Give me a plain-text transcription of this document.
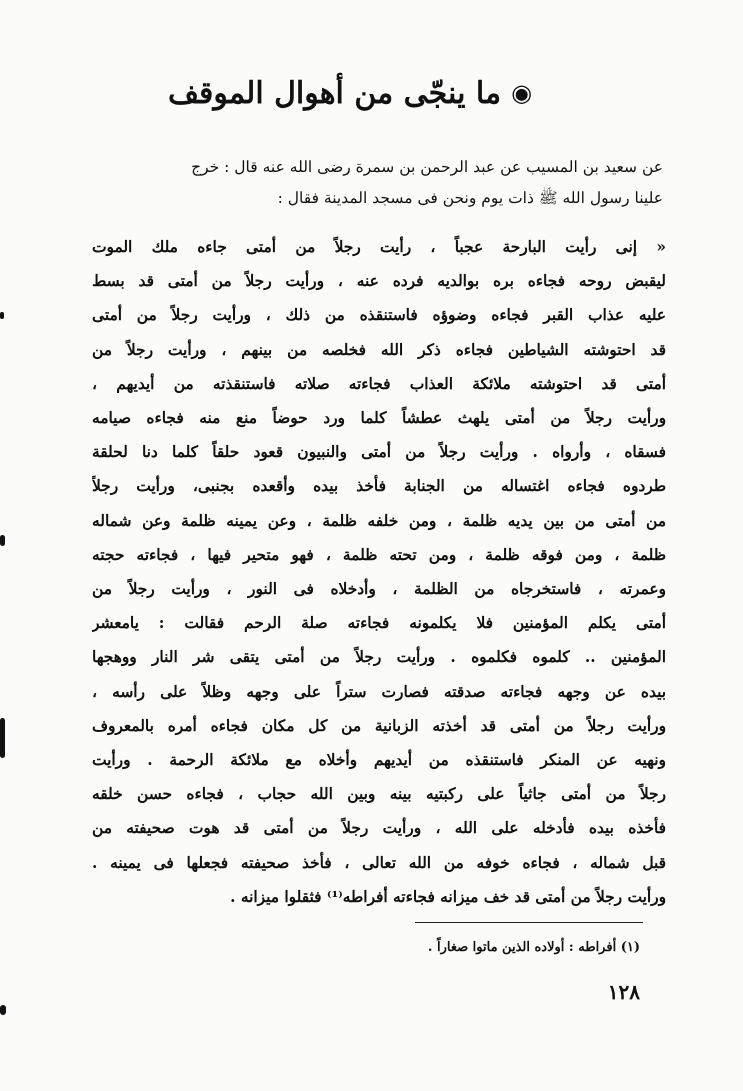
◉ما ينجّى من أهوال الموقف

عن سعيد بن المسيب عن عبد الرحمن بن سمرة رضى الله عنه قال : خرج

علينا رسول الله ﷺ ذات يوم ونحن فى مسجد المدينة فقال :

« إنى رأيت البارحة عجباً ، رأيت رجلاً من أمتى جاءه ملك الموت

ليقبض روحه فجاءه بره بوالديه فرده عنه ، ورأيت رجلاً من أمتى قد بسط

عليه عذاب القبر فجاءه وضوؤه فاستنقذه من ذلك ، ورأيت رجلاً من أمتى

قد احتوشته الشياطين فجاءه ذكر الله فخلصه من بينهم ، ورأيت رجلاً من

أمتى قد احتوشته ملائكة العذاب فجاءته صلاته فاستنقذته من أيديهم ،

ورأيت رجلاً من أمتى يلهث عطشاً كلما ورد حوضاً منع منه فجاءه صيامه

فسقاه ، وأرواه . ورأيت رجلاً من أمتى والنبيون قعود حلقاً كلما دنا لحلقة

طردوه فجاءه اغتساله من الجنابة فأخذ بيده وأقعده بجنبى، ورأيت رجلاً

من أمتى من بين يديه ظلمة ، ومن خلفه ظلمة ، وعن يمينه ظلمة وعن شماله

ظلمة ، ومن فوقه ظلمة ، ومن تحته ظلمة ، فهو متحير فيها ، فجاءته حجته

وعمرته ، فاستخرجاه من الظلمة ، وأدخلاه فى النور ، ورأيت رجلاً من

أمتى يكلم المؤمنين فلا يكلمونه فجاءته صلة الرحم فقالت : يامعشر

المؤمنين .. كلموه فكلموه . ورأيت رجلاً من أمتى يتقى شر النار ووهجها

بيده عن وجهه فجاءته صدقته فصارت ستراً على وجهه وظلاً على رأسه ،

ورأيت رجلاً من أمتى قد أخذته الزبانية من كل مكان فجاءه أمره بالمعروف

ونهيه عن المنكر فاستنقذه من أيديهم وأخلاه مع ملائكة الرحمة . ورأيت

رجلاً من أمتى جاثياً على ركبتيه بينه وبين الله حجاب ، فجاءه حسن خلقه

فأخذه بيده فأدخله على الله ، ورأيت رجلاً من أمتى قد هوت صحيفته من

قبل شماله ، فجاءه خوفه من الله تعالى ، فأخذ صحيفته فجعلها فى يمينه .

ورأيت رجلاً من أمتى قد خف ميزانه فجاءته أفراطه⁽¹⁾ فثقلوا ميزانه .

(١) أفراطه : أولاده الذين ماتوا صغاراً .
١٢٨
